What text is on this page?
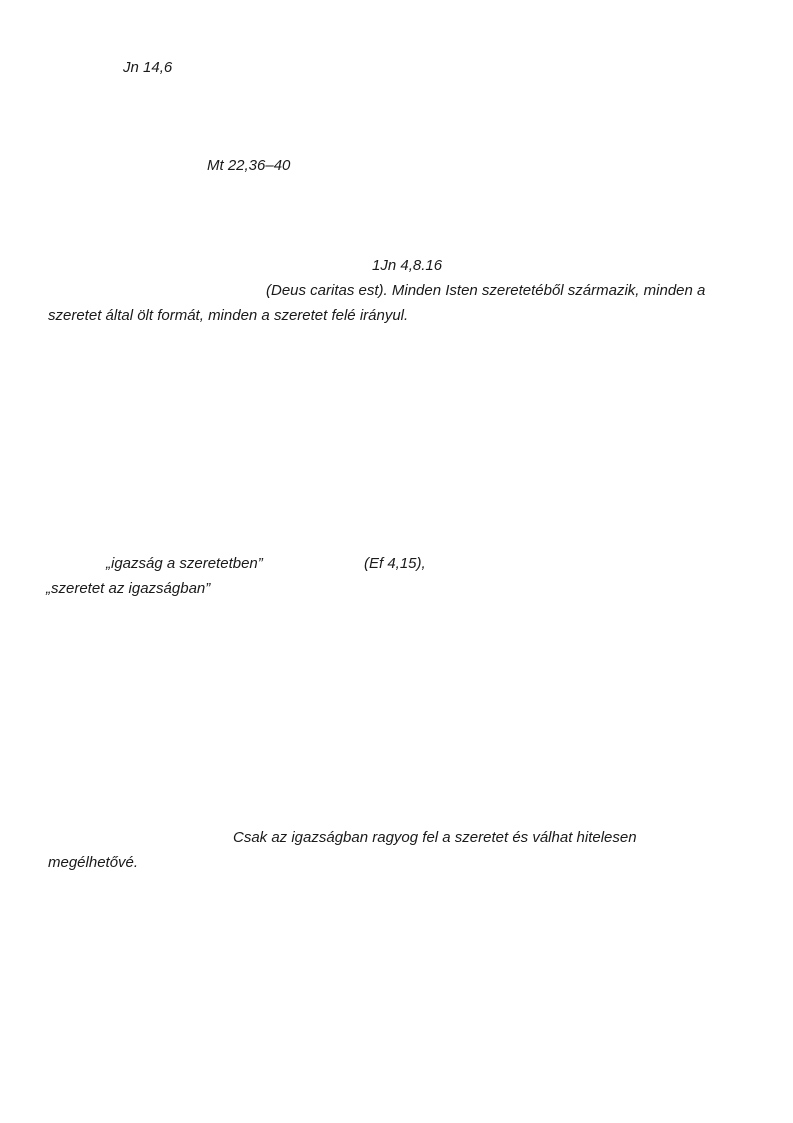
Jn 14,6
Mt 22,36–40
1Jn 4,8.16
(Deus caritas est). Minden Isten szeretetéből származik, minden a
szeretet által ölt formát, minden a szeretet felé irányul.
„igazság a szeretetben”	(Ef 4,15),
„szeretet az igazságban”
Csak az igazságban ragyog fel a szeretet és válhat hitelesen
megélhetővé.
